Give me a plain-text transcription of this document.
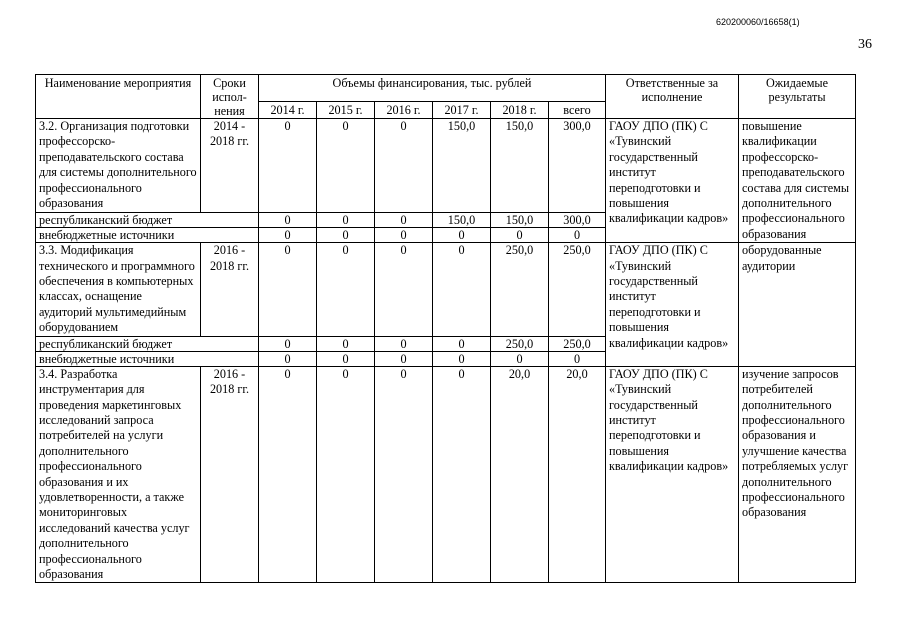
620200060/16658(1)
36
Наименование мероприятия	Сроки испол-нения	Объемы финансирования, тыс. рублей						Ответственные за исполнение	Ожидаемые результаты
		2014 г.	2015 г.	2016 г.	2017 г.	2018 г.	всего		
3.2. Организация подготовки профессорско-преподавательского состава для системы дополнительного профессионального образования	2014 - 2018 гг.	0	0	0	150,0	150,0	300,0	ГАОУ ДПО (ПК) С «Тувинский государственный институт переподготовки и повышения квалификации кадров»	повышение квалификации профессорско-преподавательского состава для системы дополнительного профессионального образования
республиканский бюджет		0	0	0	150,0	150,0	300,0		
внебюджетные источники		0	0	0	0	0	0		
3.3. Модификация технического и программного обеспечения в компьютерных классах, оснащение аудиторий мультимедийным оборудованием	2016 - 2018 гг.	0	0	0	0	250,0	250,0	ГАОУ ДПО (ПК) С «Тувинский государственный институт переподготовки и повышения квалификации кадров»	оборудованные аудитории
республиканский бюджет		0	0	0	0	250,0	250,0		
внебюджетные источники		0	0	0	0	0	0		
3.4. Разработка инструментария для проведения маркетинговых исследований запроса потребителей на услуги дополнительного профессионального образования и их удовлетворенности, а также мониторинговых исследований качества услуг дополнительного профессионального образования	2016 - 2018 гг.	0	0	0	0	20,0	20,0	ГАОУ ДПО (ПК) С «Тувинский государственный институт переподготовки и повышения квалификации кадров»	изучение запросов потребителей дополнительного профессионального образования и улучшение качества потребляемых услуг дополнительного профессионального образования
